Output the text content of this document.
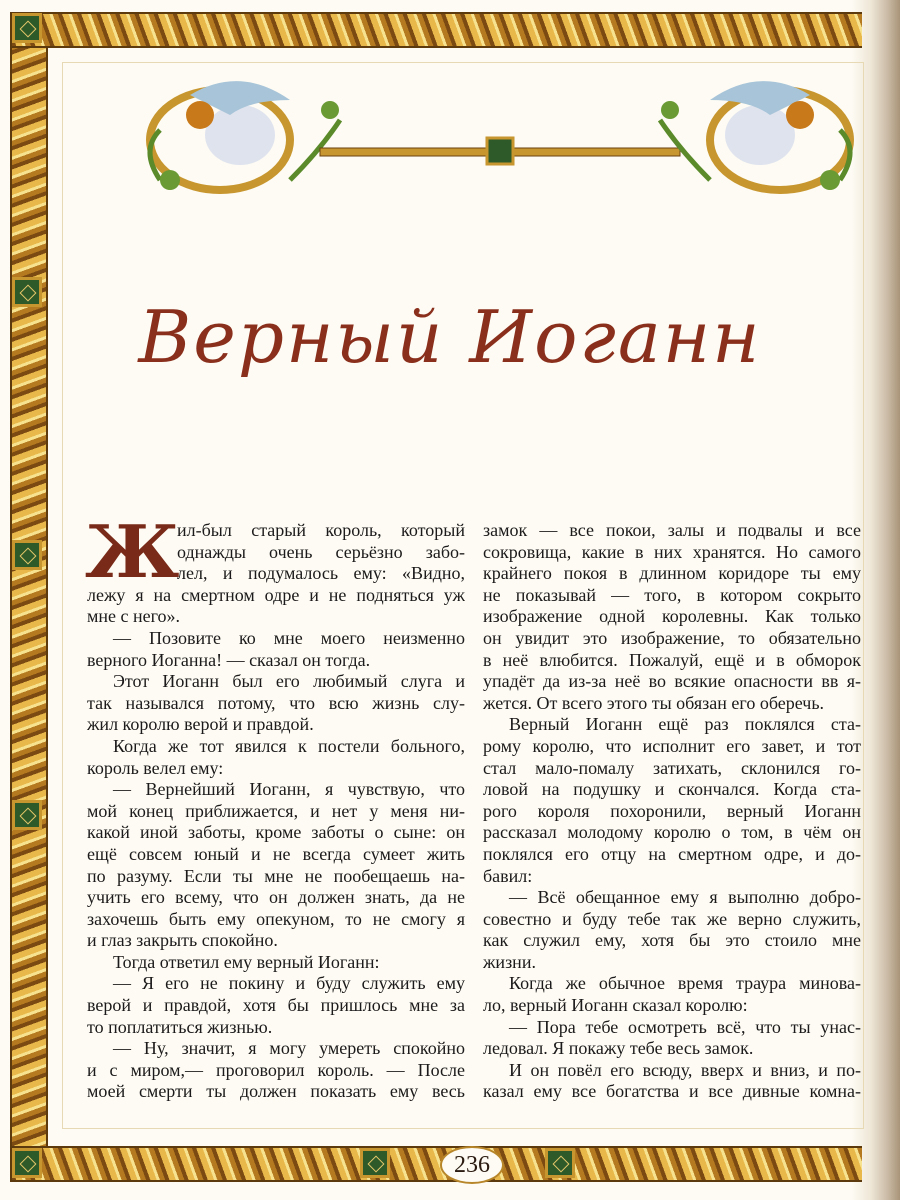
Верный Иоганн
Ж
ил-был старый король, который
однажды очень серьёзно забо-
лел, и подумалось ему: «Видно,
лежу я на смертном одре и не подняться уж
мне с него».
— Позовите ко мне моего неизменно
верного Иоганна! — сказал он тогда.
Этот Иоганн был его любимый слуга и
так назывался потому, что всю жизнь слу-
жил королю верой и правдой.
Когда же тот явился к постели больного,
король велел ему:
— Вернейший Иоганн, я чувствую, что
мой конец приближается, и нет у меня ни-
какой иной заботы, кроме заботы о сыне: он
ещё совсем юный и не всегда сумеет жить
по разуму. Если ты мне не пообещаешь на-
учить его всему, что он должен знать, да не
захочешь быть ему опекуном, то не смогу я
и глаз закрыть спокойно.
Тогда ответил ему верный Иоганн:
— Я его не покину и буду служить ему
верой и правдой, хотя бы пришлось мне за
то поплатиться жизнью.
— Ну, значит, я могу умереть спокойно
и с миром,— проговорил король. — После
моей смерти ты должен показать ему весь
замок — все покои, залы и подвалы и все
сокровища, какие в них хранятся. Но самого
крайнего покоя в длинном коридоре ты ему
не показывай — того, в котором сокрыто
изображение одной королевны. Как только
он увидит это изображение, то обязательно
в неё влюбится. Пожалуй, ещё и в обморок
упадёт да из-за неё во всякие опасности вв я-
жется. От всего этого ты обязан его оберечь.
Верный Иоганн ещё раз поклялся ста-
рому королю, что исполнит его завет, и тот
стал мало-помалу затихать, склонился го-
ловой на подушку и скончался. Когда ста-
рого короля похоронили, верный Иоганн
рассказал молодому королю о том, в чём он
поклялся его отцу на смертном одре, и до-
бавил:
— Всё обещанное ему я выполню добро-
совестно и буду тебе так же верно служить,
как служил ему, хотя бы это стоило мне
жизни.
Когда же обычное время траура минова-
ло, верный Иоганн сказал королю:
— Пора тебе осмотреть всё, что ты унас-
ледовал. Я покажу тебе весь замок.
И он повёл его всюду, вверх и вниз, и по-
казал ему все богатства и все дивные комна-
236
